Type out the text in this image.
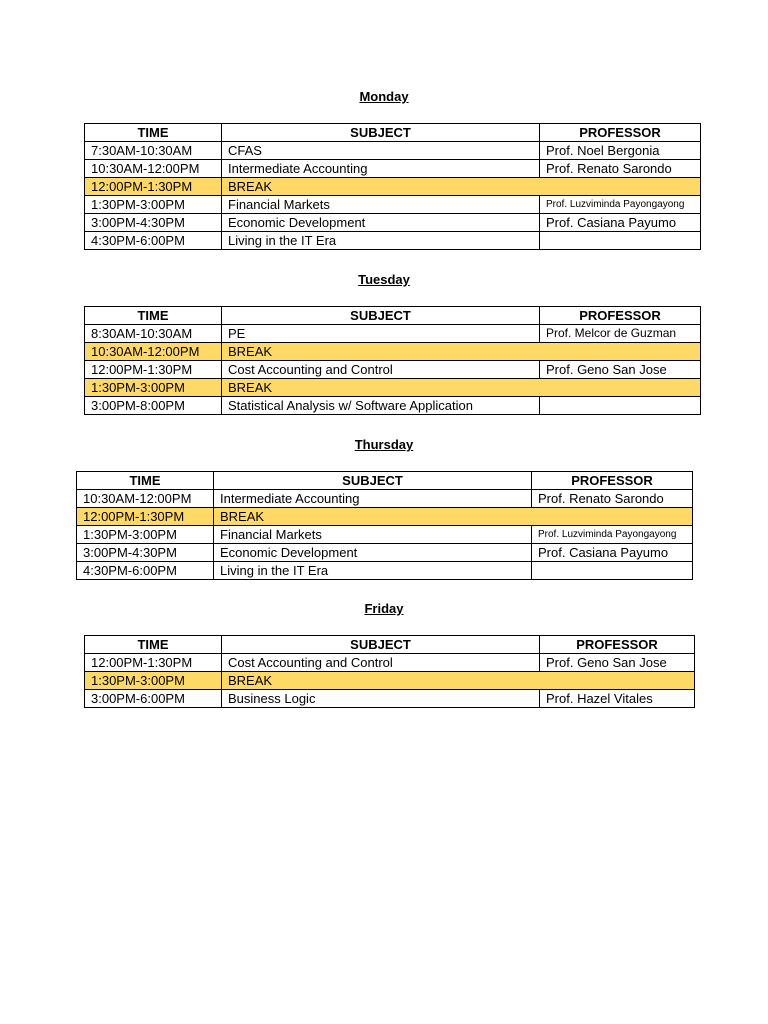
Monday
TIME	SUBJECT	PROFESSOR
7:30AM-10:30AM	CFAS	Prof. Noel Bergonia
10:30AM-12:00PM	Intermediate Accounting	Prof. Renato Sarondo
12:00PM-1:30PM	BREAK	
1:30PM-3:00PM	Financial Markets	Prof. Luzviminda Payongayong
3:00PM-4:30PM	Economic Development	Prof. Casiana Payumo
4:30PM-6:00PM	Living in the IT Era	
Tuesday
TIME	SUBJECT	PROFESSOR
8:30AM-10:30AM	PE	Prof. Melcor de Guzman
10:30AM-12:00PM	BREAK	
12:00PM-1:30PM	Cost Accounting and Control	Prof. Geno San Jose
1:30PM-3:00PM	BREAK	
3:00PM-8:00PM	Statistical Analysis w/ Software Application	
Thursday
TIME	SUBJECT	PROFESSOR
10:30AM-12:00PM	Intermediate Accounting	Prof. Renato Sarondo
12:00PM-1:30PM	BREAK	
1:30PM-3:00PM	Financial Markets	Prof. Luzviminda Payongayong
3:00PM-4:30PM	Economic Development	Prof. Casiana Payumo
4:30PM-6:00PM	Living in the IT Era	
Friday
TIME	SUBJECT	PROFESSOR
12:00PM-1:30PM	Cost Accounting and Control	Prof. Geno San Jose
1:30PM-3:00PM	BREAK	
3:00PM-6:00PM	Business Logic	Prof. Hazel Vitales
